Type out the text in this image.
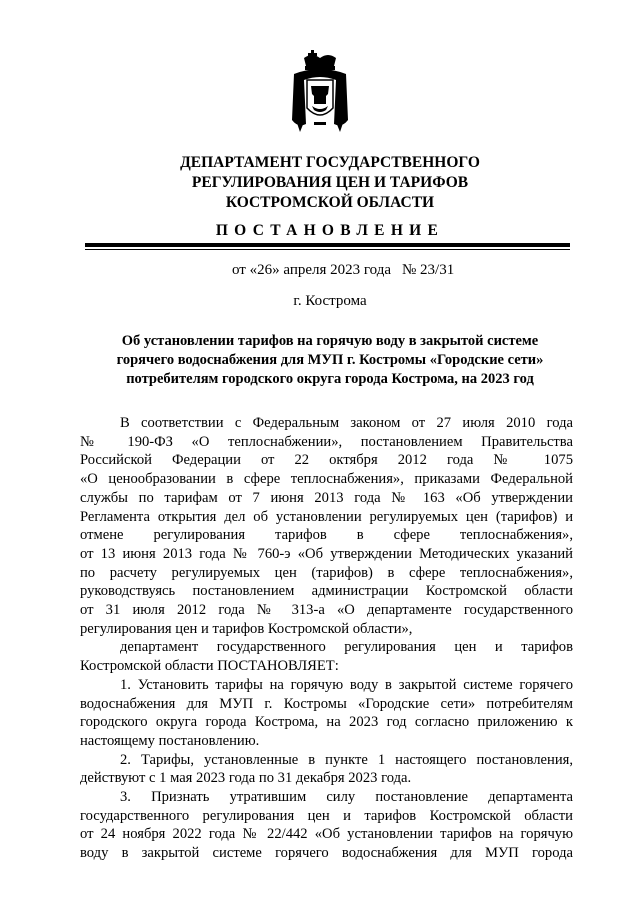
ДЕПАРТАМЕНТ ГОСУДАРСТВЕННОГО
РЕГУЛИРОВАНИЯ ЦЕН И ТАРИФОВ
КОСТРОМСКОЙ ОБЛАСТИ
ПОСТАНОВЛЕНИЕ
от «26» апреля 2023 года № 23/31
г. Кострома
Об установлении тарифов на горячую воду в закрытой системе
горячего водоснабжения для МУП г. Костромы «Городские сети»
потребителям городского округа города Кострома, на 2023 год

В соответствии с Федеральным законом от 27 июля 2010 года

№ 190-ФЗ «О теплоснабжении», постановлением Правительства

Российской Федерации от 22 октября 2012 года № 1075

«О ценообразовании в сфере теплоснабжения», приказами Федеральной

службы по тарифам от 7 июня 2013 года № 163 «Об утверждении

Регламента открытия дел об установлении регулируемых цен (тарифов) и

отмене регулирования тарифов в сфере теплоснабжения»,

от 13 июня 2013 года № 760-э «Об утверждении Методических указаний

по расчету регулируемых цен (тарифов) в сфере теплоснабжения»,

руководствуясь постановлением администрации Костромской области

от 31 июля 2012 года № 313-а «О департаменте государственного

регулирования цен и тарифов Костромской области»,

департамент государственного регулирования цен и тарифов

Костромской области ПОСТАНОВЛЯЕТ:

1. Установить тарифы на горячую воду в закрытой системе горячего

водоснабжения для МУП г. Костромы «Городские сети» потребителям

городского округа города Кострома, на 2023 год согласно приложению к

настоящему постановлению.

2. Тарифы, установленные в пункте 1 настоящего постановления,

действуют с 1 мая 2023 года по 31 декабря 2023 года.

3. Признать утратившим силу постановление департамента

государственного регулирования цен и тарифов Костромской области

от 24 ноября 2022 года № 22/442 «Об установлении тарифов на горячую

воду в закрытой системе горячего водоснабжения для МУП города
